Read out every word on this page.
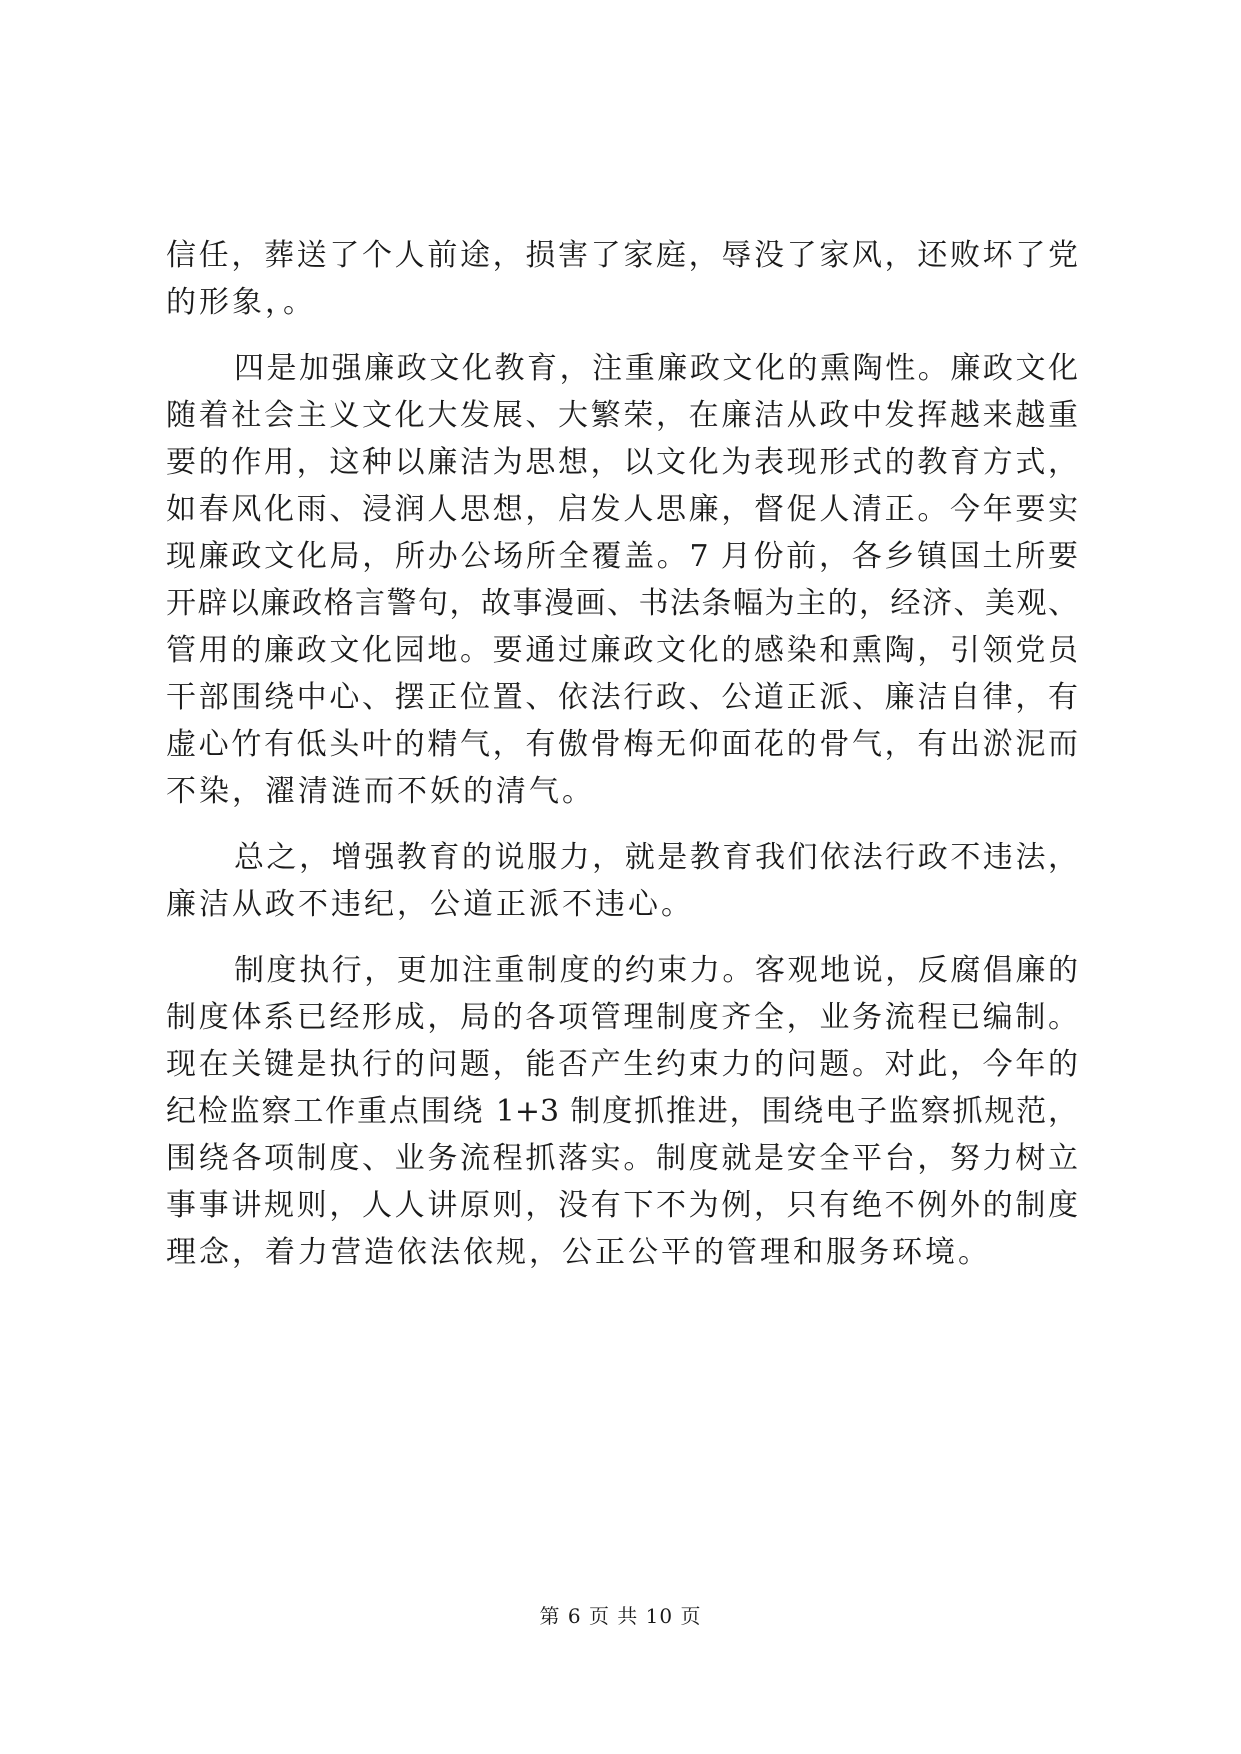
信任，葬送了个人前途，损害了家庭，辱没了家风，还败坏了党
的形象，。
四是加强廉政文化教育，注重廉政文化的熏陶性。廉政文化
随着社会主义文化大发展、大繁荣，在廉洁从政中发挥越来越重
要的作用，这种以廉洁为思想，以文化为表现形式的教育方式，
如春风化雨、浸润人思想，启发人思廉，督促人清正。今年要实
现廉政文化局，所办公场所全覆盖。7 月份前，各乡镇国土所要
开辟以廉政格言警句，故事漫画、书法条幅为主的，经济、美观、
管用的廉政文化园地。要通过廉政文化的感染和熏陶，引领党员
干部围绕中心、摆正位置、依法行政、公道正派、廉洁自律，有
虚心竹有低头叶的精气，有傲骨梅无仰面花的骨气，有出淤泥而
不染，濯清涟而不妖的清气。
总之，增强教育的说服力，就是教育我们依法行政不违法，
廉洁从政不违纪，公道正派不违心。
制度执行，更加注重制度的约束力。客观地说，反腐倡廉的
制度体系已经形成，局的各项管理制度齐全，业务流程已编制。
现在关键是执行的问题，能否产生约束力的问题。对此，今年的
纪检监察工作重点围绕 1+3 制度抓推进，围绕电子监察抓规范，
围绕各项制度、业务流程抓落实。制度就是安全平台，努力树立
事事讲规则，人人讲原则，没有下不为例，只有绝不例外的制度
理念，着力营造依法依规，公正公平的管理和服务环境。
第 6 页 共 10 页
